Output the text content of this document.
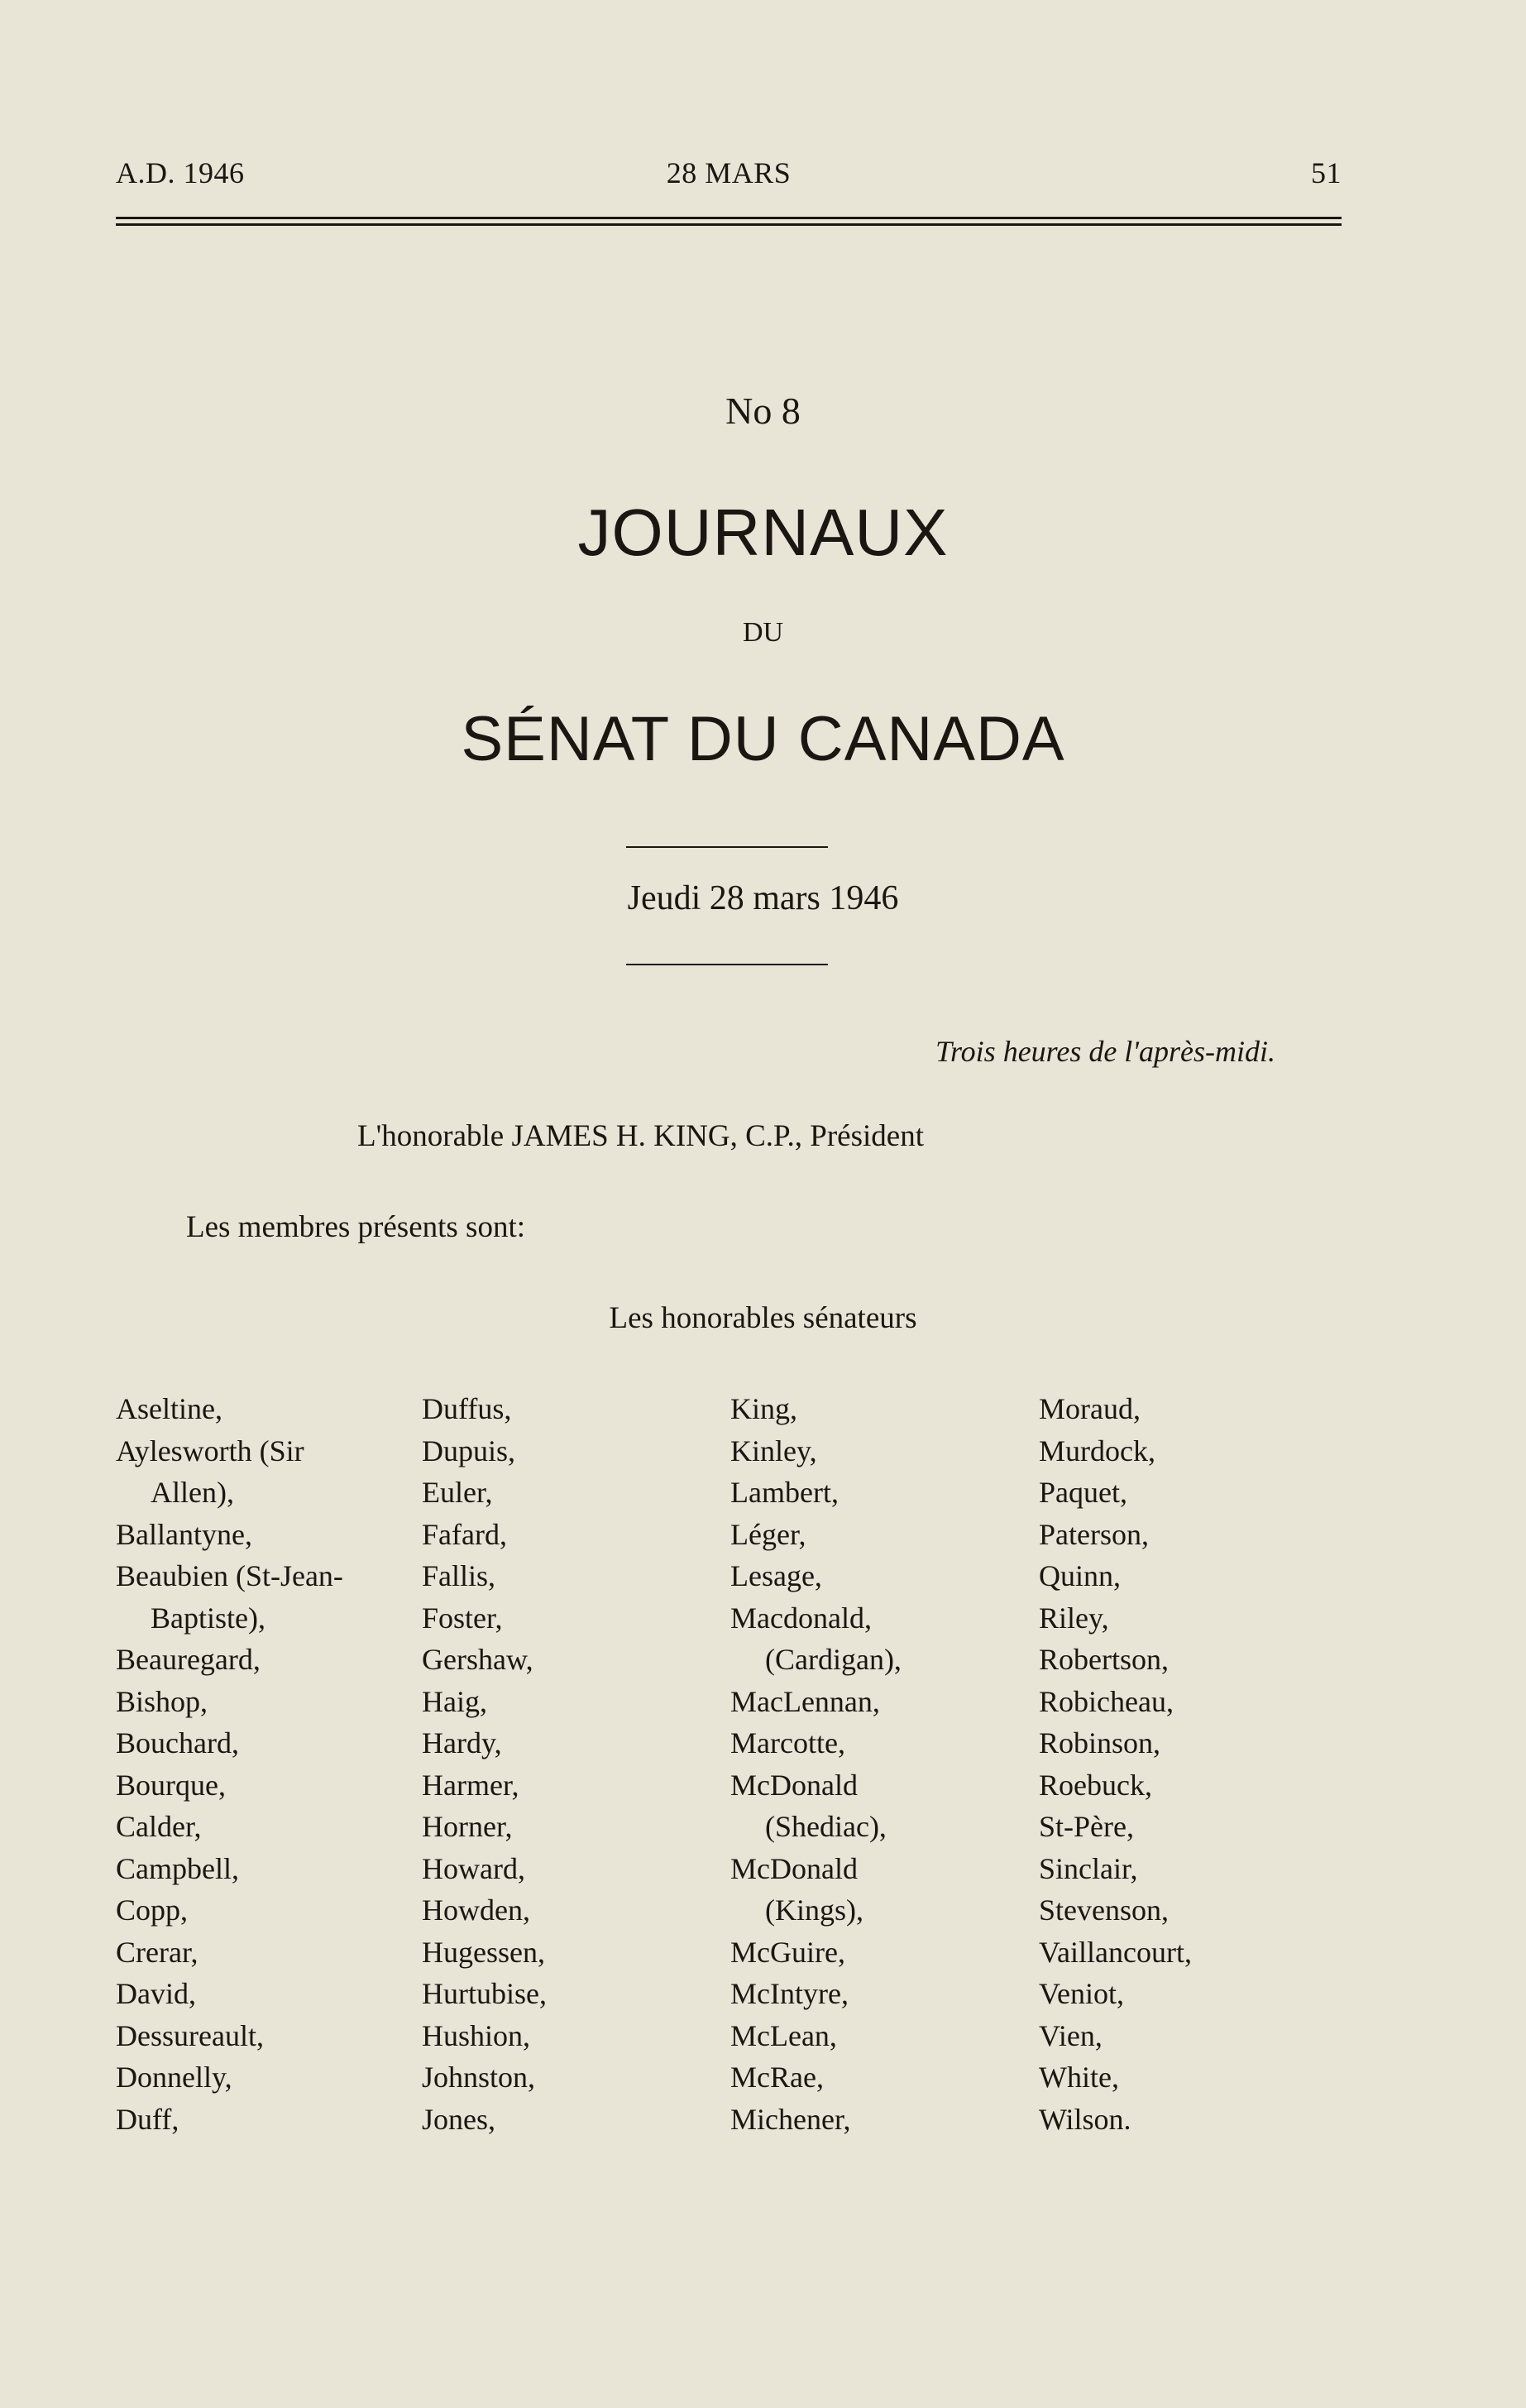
A.D. 1946	28 MARS	51
No 8
JOURNAUX
DU
SÉNAT DU CANADA
Jeudi 28 mars 1946
Trois heures de l'après-midi.
L'honorable JAMES H. KING, C.P., Président
Les membres présents sont:
Les honorables sénateurs
Aseltine,
Aylesworth (Sir
Allen),
Ballantyne,
Beaubien (St-Jean-
Baptiste),
Beauregard,
Bishop,
Bouchard,
Bourque,
Calder,
Campbell,
Copp,
Crerar,
David,
Dessureault,
Donnelly,
Duff,
Duffus,
Dupuis,
Euler,
Fafard,
Fallis,
Foster,
Gershaw,
Haig,
Hardy,
Harmer,
Horner,
Howard,
Howden,
Hugessen,
Hurtubise,
Hushion,
Johnston,
Jones,
King,
Kinley,
Lambert,
Léger,
Lesage,
Macdonald,
(Cardigan),
MacLennan,
Marcotte,
McDonald
(Shediac),
McDonald
(Kings),
McGuire,
McIntyre,
McLean,
McRae,
Michener,
Moraud,
Murdock,
Paquet,
Paterson,
Quinn,
Riley,
Robertson,
Robicheau,
Robinson,
Roebuck,
St-Père,
Sinclair,
Stevenson,
Vaillancourt,
Veniot,
Vien,
White,
Wilson.
